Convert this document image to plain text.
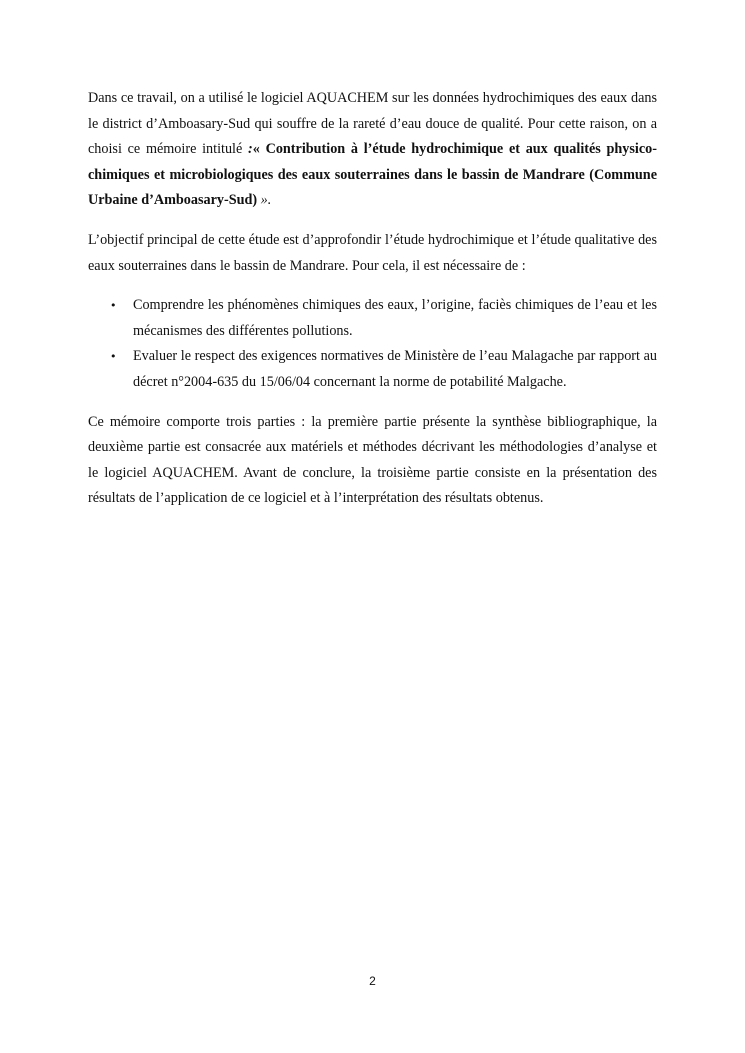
Dans ce travail, on a utilisé le logiciel AQUACHEM sur les données hydrochimiques des eaux dans le district d’Amboasary-Sud qui souffre de la rareté d’eau douce de qualité. Pour cette raison, on a choisi ce mémoire intitulé :« Contribution à l’étude hydrochimique et aux qualités physico-chimiques et microbiologiques des eaux souterraines dans le bassin de Mandrare (Commune Urbaine d’Amboasary-Sud) ».

L’objectif principal de cette étude est d’approfondir l’étude hydrochimique et l’étude qualitative des eaux souterraines dans le bassin de Mandrare. Pour cela, il est nécessaire de :

• Comprendre les phénomènes chimiques des eaux, l’origine, faciès chimiques de l’eau et les mécanismes des différentes pollutions.
• Evaluer le respect des exigences normatives de Ministère de l’eau Malagache par rapport au décret n°2004-635 du 15/06/04 concernant la norme de potabilité Malgache.

Ce mémoire comporte trois parties : la première partie présente la synthèse bibliographique, la deuxième partie est consacrée aux matériels et méthodes décrivant les méthodologies d’analyse et le logiciel AQUACHEM. Avant de conclure, la troisième partie consiste en la présentation des résultats de l’application de ce logiciel et à l’interprétation des résultats obtenus.

2
